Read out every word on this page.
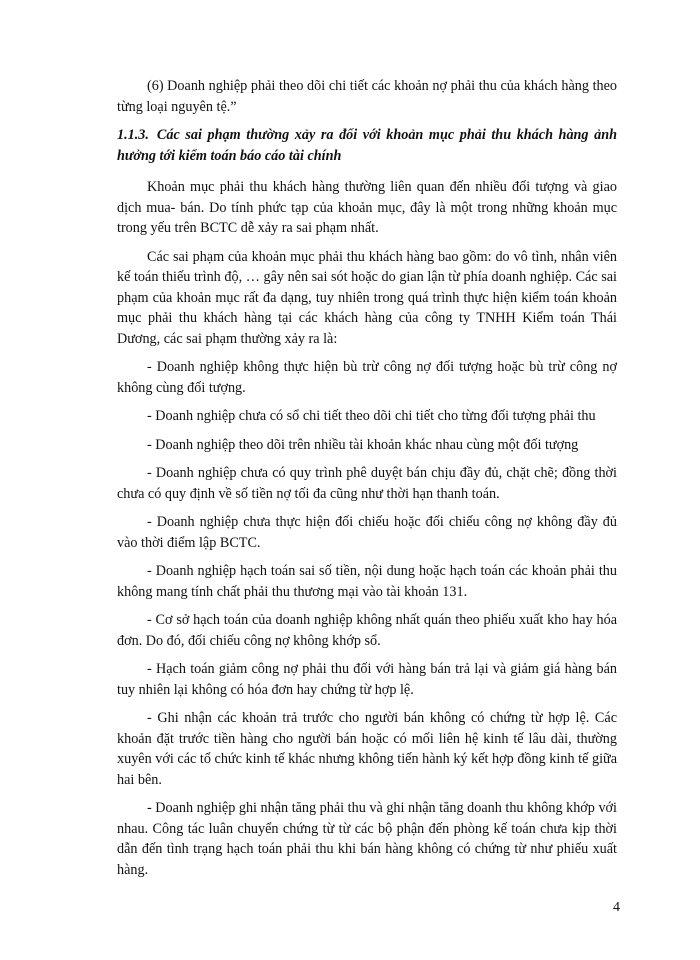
(6) Doanh nghiệp phải theo dõi chi tiết các khoản nợ phải thu của khách hàng theo từng loại nguyên tệ.”

1.1.3. Các sai phạm thường xảy ra đối với khoản mục phải thu khách hàng ảnh hưởng tới kiểm toán báo cáo tài chính

Khoản mục phải thu khách hàng thường liên quan đến nhiều đối tượng và giao dịch mua- bán. Do tính phức tạp của khoản mục, đây là một trong những khoản mục trong yếu trên BCTC dễ xảy ra sai phạm nhất.

Các sai phạm của khoản mục phải thu khách hàng bao gồm: do vô tình, nhân viên kế toán thiếu trình độ, … gây nên sai sót hoặc do gian lận từ phía doanh nghiệp. Các sai phạm của khoản mục rất đa dạng, tuy nhiên trong quá trình thực hiện kiểm toán khoản mục phải thu khách hàng tại các khách hàng của công ty TNHH Kiểm toán Thái Dương, các sai phạm thường xảy ra là:

- Doanh nghiệp không thực hiện bù trừ công nợ đối tượng hoặc bù trừ công nợ không cùng đối tượng.

- Doanh nghiệp chưa có sổ chi tiết theo dõi chi tiết cho từng đối tượng phải thu

- Doanh nghiệp theo dõi trên nhiều tài khoản khác nhau cùng một đối tượng

- Doanh nghiệp chưa có quy trình phê duyệt bán chịu đầy đủ, chặt chẽ; đồng thời chưa có quy định về số tiền nợ tối đa cũng như thời hạn thanh toán.

- Doanh nghiệp chưa thực hiện đối chiếu hoặc đối chiếu công nợ không đầy đủ vào thời điểm lập BCTC.

- Doanh nghiệp hạch toán sai số tiền, nội dung hoặc hạch toán các khoản phải thu không mang tính chất phải thu thương mại vào tài khoản 131.

- Cơ sở hạch toán của doanh nghiệp không nhất quán theo phiếu xuất kho hay hóa đơn. Do đó, đối chiếu công nợ không khớp sổ.

- Hạch toán giảm công nợ phải thu đối với hàng bán trả lại và giảm giá hàng bán tuy nhiên lại không có hóa đơn hay chứng từ hợp lệ.

- Ghi nhận các khoản trả trước cho người bán không có chứng từ hợp lệ. Các khoản đặt trước tiền hàng cho người bán hoặc có mối liên hệ kinh tế lâu dài, thường xuyên với các tổ chức kinh tế khác nhưng không tiến hành ký kết hợp đồng kinh tế giữa hai bên.

- Doanh nghiệp ghi nhận tăng phải thu và ghi nhận tăng doanh thu không khớp với nhau. Công tác luân chuyển chứng từ từ các bộ phận đến phòng kế toán chưa kịp thời dẫn đến tình trạng hạch toán phải thu khi bán hàng không có chứng từ như phiếu xuất hàng.

4
